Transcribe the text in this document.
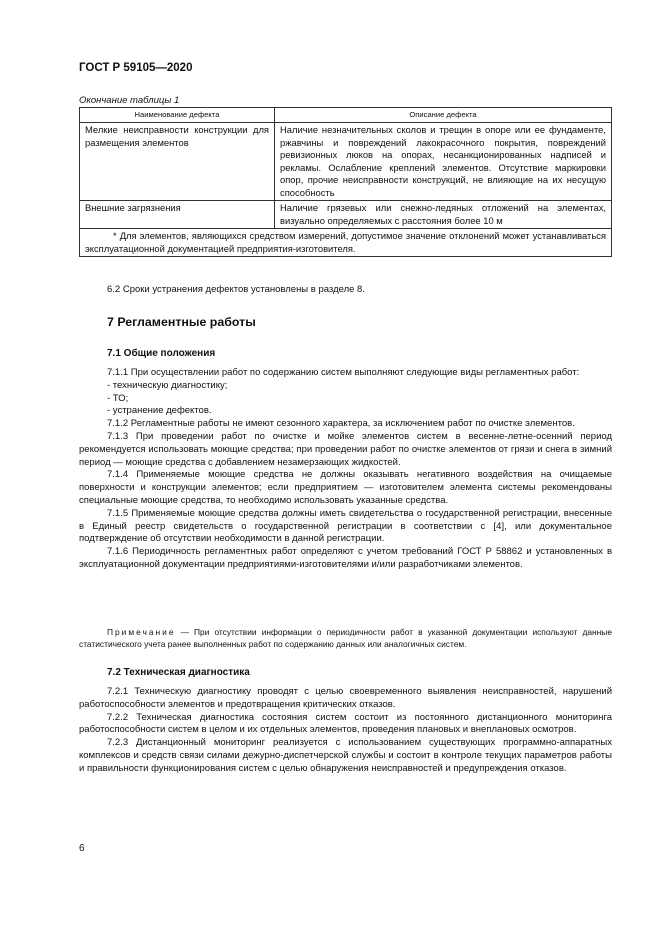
ГОСТ Р 59105—2020
Окончание таблицы 1
Наименование дефекта	Описание дефекта
Мелкие неисправности конструкции для размещения элементов	Наличие незначительных сколов и трещин в опоре или ее фундаменте, ржавчины и повреждений лакокрасочного покрытия, повреждений ревизионных люков на опорах, несанкционированных надписей и рекламы. Ослабление креплений элементов. Отсутствие маркировки опор, прочие неисправности конструкций, не влияющие на их несущую способность
Внешние загрязнения	Наличие грязевых или снежно-ледяных отложений на элементах, визуально определяемых с расстояния более 10 м
* Для элементов, являющихся средством измерений, допустимое значение отклонений может устанавливаться эксплуатационной документацией предприятия-изготовителя.	

6.2 Сроки устранения дефектов установлены в разделе 8.

7 Регламентные работы
7.1 Общие положения

7.1.1 При осуществлении работ по содержанию систем выполняют следующие виды регламентных работ:

- техническую диагностику;

- ТО;

- устранение дефектов.

7.1.2 Регламентные работы не имеют сезонного характера, за исключением работ по очистке элементов.

7.1.3 При проведении работ по очистке и мойке элементов систем в весенне-летне-осенний период рекомендуется использовать моющие средства; при проведении работ по очистке элементов от грязи и снега в зимний период — моющие средства с добавлением незамерзающих жидкостей.

7.1.4 Применяемые моющие средства не должны оказывать негативного воздействия на очищаемые поверхности и конструкции элементов; если предприятием — изготовителем элемента системы рекомендованы специальные моющие средства, то необходимо использовать указанные средства.

7.1.5 Применяемые моющие средства должны иметь свидетельства о государственной регистрации, внесенные в Единый реестр свидетельств о государственной регистрации в соответствии с [4], или документальное подтверждение об отсутствии необходимости в данной регистрации.

7.1.6 Периодичность регламентных работ определяют с учетом требований ГОСТ Р 58862 и установленных в эксплуатационной документации предприятиями-изготовителями и/или разработчиками элементов.

Примечание — При отсутствии информации о периодичности работ в указанной документации используют данные статистического учета ранее выполненных работ по содержанию данных или аналогичных систем.

7.2 Техническая диагностика

7.2.1 Техническую диагностику проводят с целью своевременного выявления неисправностей, нарушений работоспособности элементов и предотвращения критических отказов.

7.2.2 Техническая диагностика состояния систем состоит из постоянного дистанционного мониторинга работоспособности систем в целом и их отдельных элементов, проведения плановых и внеплановых осмотров.

7.2.3 Дистанционный мониторинг реализуется с использованием существующих программно-аппаратных комплексов и средств связи силами дежурно-диспетчерской службы и состоит в контроле текущих параметров работы и правильности функционирования систем с целью обнаружения неисправностей и предупреждения отказов.

6
